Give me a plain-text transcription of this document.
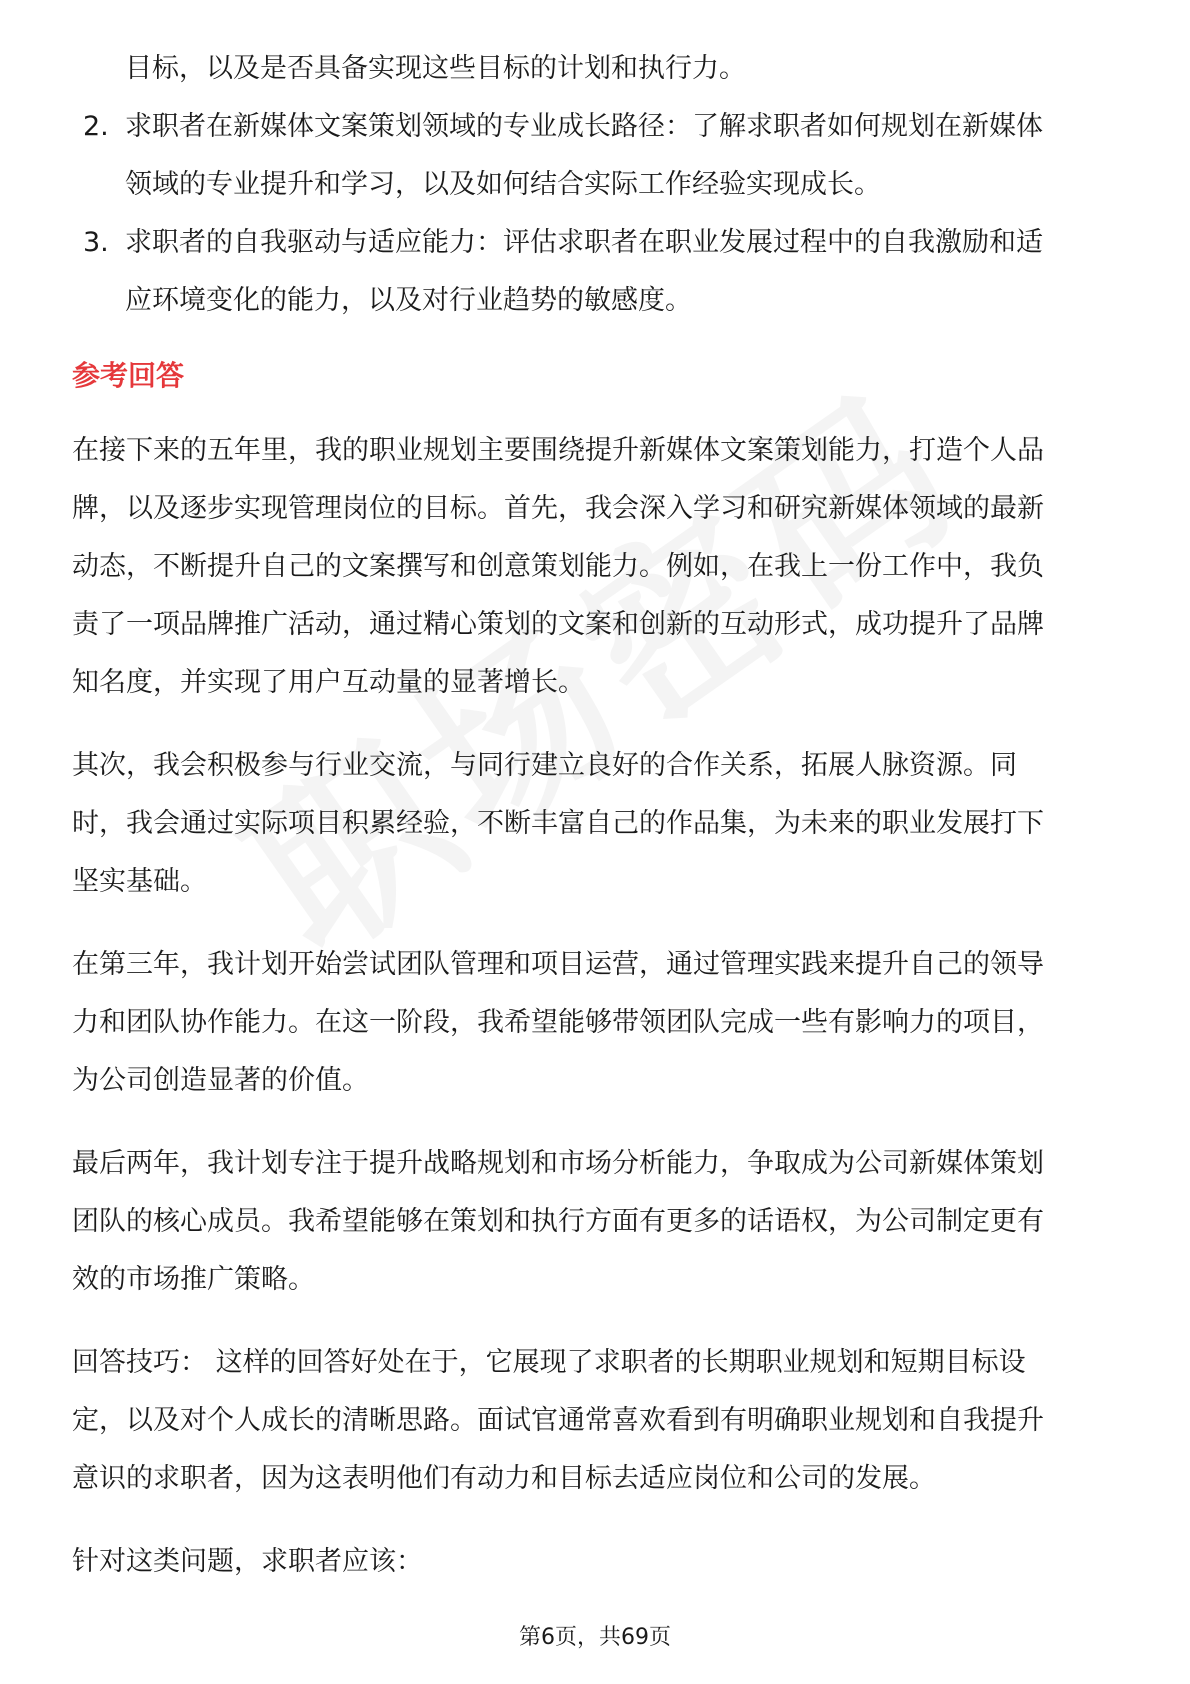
目标，以及是否具备实现这些目标的计划和执行力。

2. 求职者在新媒体文案策划领域的专业成长路径：了解求职者如何规划在新媒体

领域的专业提升和学习，以及如何结合实际工作经验实现成长。

3. 求职者的自我驱动与适应能力：评估求职者在职业发展过程中的自我激励和适

应环境变化的能力，以及对行业趋势的敏感度。

参考回答

在接下来的五年里，我的职业规划主要围绕提升新媒体文案策划能力，打造个人品

牌，以及逐步实现管理岗位的目标。首先，我会深入学习和研究新媒体领域的最新

动态，不断提升自己的文案撰写和创意策划能力。例如，在我上一份工作中，我负

责了一项品牌推广活动，通过精心策划的文案和创新的互动形式，成功提升了品牌

知名度，并实现了用户互动量的显著增长。

其次，我会积极参与行业交流，与同行建立良好的合作关系，拓展人脉资源。同

时，我会通过实际项目积累经验，不断丰富自己的作品集，为未来的职业发展打下

坚实基础。

在第三年，我计划开始尝试团队管理和项目运营，通过管理实践来提升自己的领导

力和团队协作能力。在这一阶段，我希望能够带领团队完成一些有影响力的项目，

为公司创造显著的价值。

最后两年，我计划专注于提升战略规划和市场分析能力，争取成为公司新媒体策划

团队的核心成员。我希望能够在策划和执行方面有更多的话语权，为公司制定更有

效的市场推广策略。

回答技巧： 这样的回答好处在于，它展现了求职者的长期职业规划和短期目标设

定，以及对个人成长的清晰思路。面试官通常喜欢看到有明确职业规划和自我提升

意识的求职者，因为这表明他们有动力和目标去适应岗位和公司的发展。

针对这类问题，求职者应该：

第6页，共69页
